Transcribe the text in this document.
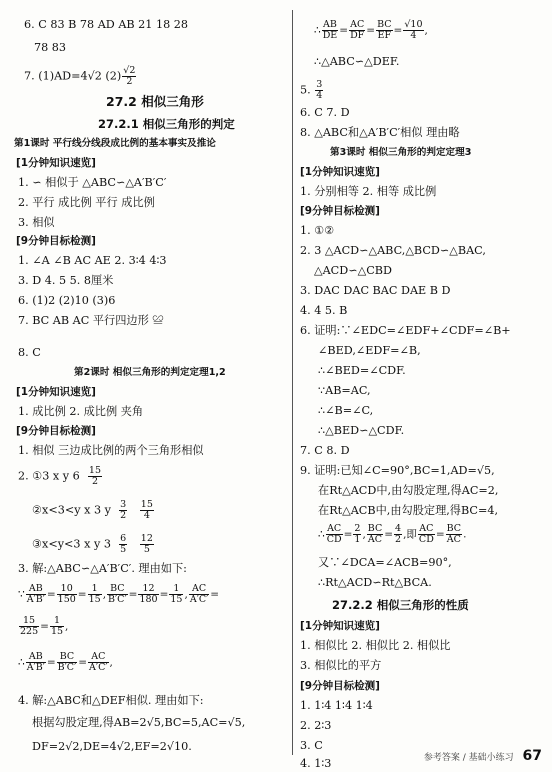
6. C 83 B 78 AD AB 21 18 28
78 83
7. (1)AD=4√2 $(2) \frac{√2}{2}$
27.2 相似三角形
27.2.1 相似三角形的判定
第1课时 平行线分线段成比例的基本事实及推论
[1分钟知识速览]
1. ∽ 相似于 △ABC∽△A′B′C′
2. 平行 成比例 平行 成比例
3. 相似
[9分钟目标检测]
1. ∠A ∠B AC AE 2. 3∶4 4∶3
3. D 4. 5 5. 8厘米
6. (1)2 (2)10 (3)6
7. BC AB AC 平行四边形 ≌
8. C
第2课时 相似三角形的判定定理1,2
[1分钟知识速览]
1. 成比例 2. 成比例 夹角
[9分钟目标检测]
1. 相似 三边成比例的两个三角形相似
2. ①3 x y $6 \frac{15}{2}$
②x<3<y x 3 y $\frac{3}{2}$
$\frac{15}{4}$
③x<y<3 x y $3 \frac{6}{5}$
$\frac{12}{5}$
3. 解:△ABC∽△A′B′C′. 理由如下:
∵ $\frac{AB}{A'B'} = \frac{10}{150} = \frac{1}{15}$ , $\frac{BC}{B'C'} = \frac{12}{180} = \frac{1}{15}$ , $\frac{AC}{A'C'}$ =
$\frac{15}{225} = \frac{1}{15}$ ,
∴ $\frac{AB}{A'B'} = \frac{BC}{B'C'} = \frac{AC}{A'C'}$ ,
4. 解:△ABC和△DEF相似. 理由如下:
根据勾股定理,得AB=2√5,BC=5,AC=√5,
DF=2√2,DE=4√2,EF=2√10.
∴ $\frac{AB}{DE} = \frac{AC}{DF} = \frac{BC}{EF} = \frac{√10}{4}$ ,
∴△ABC∽△DEF.
5. $\frac{3}{4}$
6. C 7. D
8. △ABC和△A′B′C′相似 理由略
第3课时 相似三角形的判定定理3
[1分钟知识速览]
1. 分别相等 2. 相等 成比例
[9分钟目标检测]
1. ①②
2. 3 △ACD∽△ABC,△BCD∽△BAC,
△ACD∽△CBD
3. DAC DAC BAC DAE B D
4. 4 5. B
6. 证明:∵∠EDC=∠EDF+∠CDF=∠B+
∠BED,∠EDF=∠B,
∴∠BED=∠CDF.
∵AB=AC,
∴∠B=∠C,
∴△BED∽△CDF.
7. C 8. D
9. 证明:已知∠C=90°,BC=1,AD=√5,
在Rt△ACD中,由勾股定理,得AC=2,
在Rt△ACB中,由勾股定理,得BC=4,
∴ $\frac{AC}{CD} = \frac{2}{1}$ , $\frac{BC}{AC} = \frac{4}{2}$ ,即 $\frac{AC}{CD} = \frac{BC}{AC}$ .
又∵∠DCA=∠ACB=90°,
∴Rt△ACD∽Rt△BCA.
27.2.2 相似三角形的性质
[1分钟知识速览]
1. 相似比 2. 相似比 2. 相似比
3. 相似比的平方
[9分钟目标检测]
1. 1∶4 1∶4 1∶4
2. 2∶3
3. C
4. 1∶3	参考答案 / 基础小练习 67
